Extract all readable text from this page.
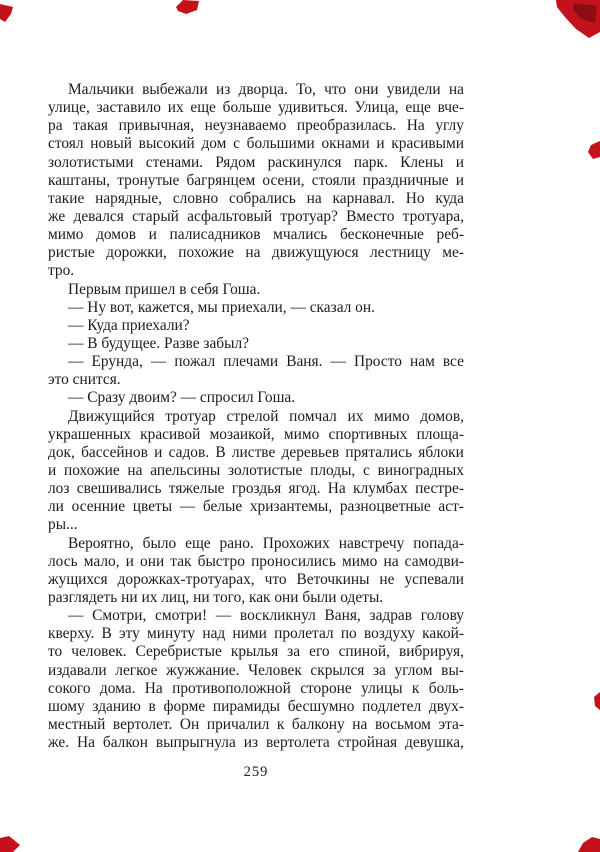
Мальчики выбежали из дворца. То, что они увидели на
улице, заставило их еще больше удивиться. Улица, еще вче-
ра такая привычная, неузнаваемо преобразилась. На углу
стоял новый высокий дом с большими окнами и красивыми
золотистыми стенами. Рядом раскинулся парк. Клены и
каштаны, тронутые багрянцем осени, стояли праздничные и
такие нарядные, словно собрались на карнавал. Но куда
же девался старый асфальтовый тротуар? Вместо тротуара,
мимо домов и палисадников мчались бесконечные реб-
ристые дорожки, похожие на движущуюся лестницу ме-
тро.
Первым пришел в себя Гоша.
— Ну вот, кажется, мы приехали, — сказал он.
— Куда приехали?
— В будущее. Разве забыл?
— Ерунда, — пожал плечами Ваня. — Просто нам все
это снится.
— Сразу двоим? — спросил Гоша.
Движущийся тротуар стрелой помчал их мимо домов,
украшенных красивой мозаикой, мимо спортивных площа-
док, бассейнов и садов. В листве деревьев прятались яблоки
и похожие на апельсины золотистые плоды, с виноградных
лоз свешивались тяжелые гроздья ягод. На клумбах пестре-
ли осенние цветы — белые хризантемы, разноцветные аст-
ры...
Вероятно, было еще рано. Прохожих навстречу попада-
лось мало, и они так быстро проносились мимо на самодви-
жущихся дорожках-тротуарах, что Веточкины не успевали
разглядеть ни их лиц, ни того, как они были одеты.
— Смотри, смотри! — воскликнул Ваня, задрав голову
кверху. В эту минуту над ними пролетал по воздуху какой-
то человек. Серебристые крылья за его спиной, вибрируя,
издавали легкое жужжание. Человек скрылся за углом вы-
сокого дома. На противоположной стороне улицы к боль-
шому зданию в форме пирамиды бесшумно подлетел двух-
местный вертолет. Он причалил к балкону на восьмом эта-
же. На балкон выпрыгнула из вертолета стройная девушка,
259
